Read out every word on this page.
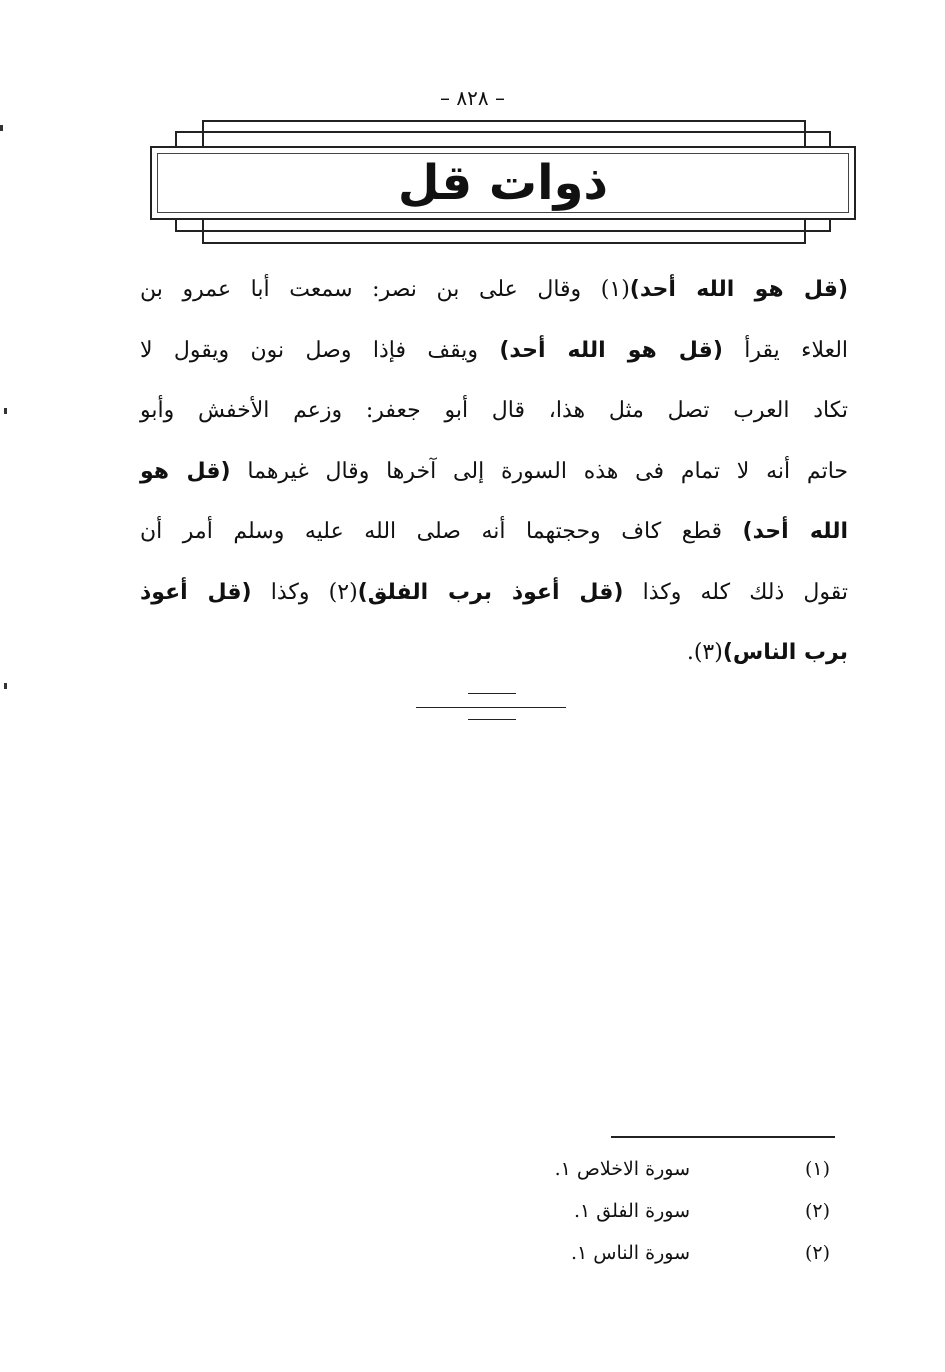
– ٨٢٨ –
ذوات قل
(قل هو الله أحد)(١) وقال على بن نصر: سمعت أبا عمرو بن
العلاء يقرأ (قل هو الله أحد) ويقف فإذا وصل نون ويقول لا
تكاد العرب تصل مثل هذا، قال أبو جعفر: وزعم الأخفش وأبو
حاتم أنه لا تمام فى هذه السورة إلى آخرها وقال غيرهما (قل هو
الله أحد) قطع كاف وحجتهما أنه صلى الله عليه وسلم أمر أن
تقول ذلك كله وكذا (قل أعوذ برب الفلق)(٢) وكذا (قل أعوذ
برب الناس)(٣).
(١)
سورة الاخلاص ١.
(٢)
سورة الفلق ١.
(٢)
سورة الناس ١.
